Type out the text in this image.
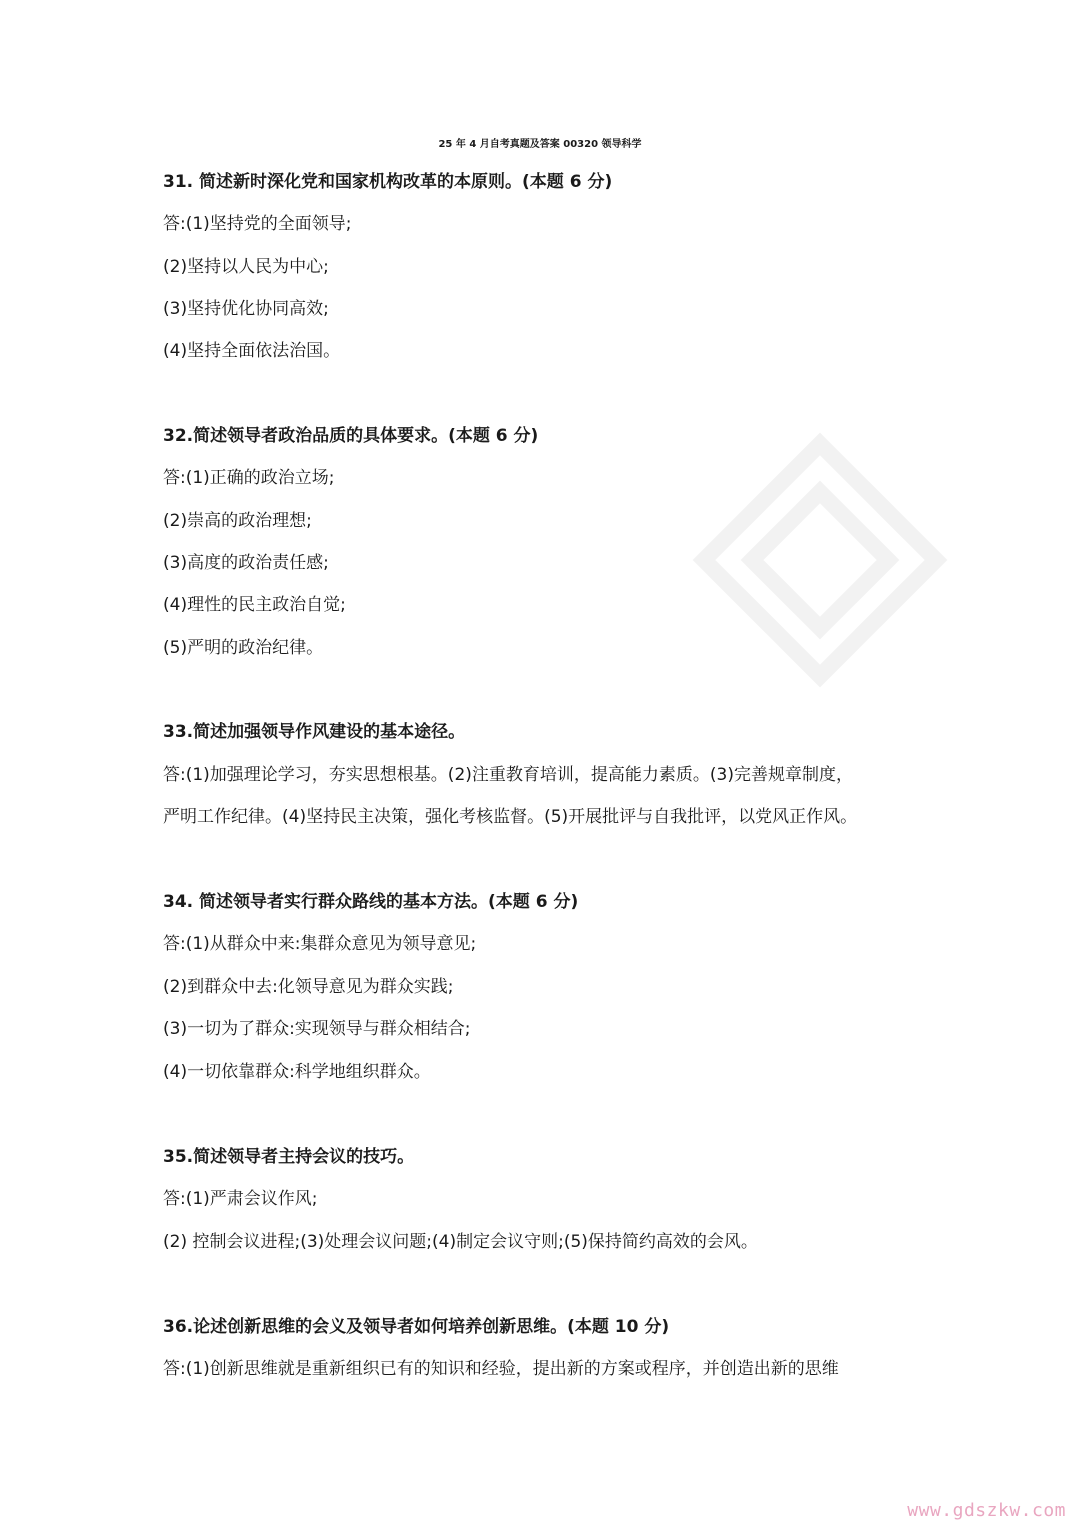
25 年 4 月自考真题及答案 00320 领导科学
31. 简述新时深化党和国家机构改革的本原则。(本题 6 分)
答:(1)坚持党的全面领导;
(2)坚持以人民为中心;
(3)坚持优化协同高效;
(4)坚持全面依法治国。
32.简述领导者政治品质的具体要求。(本题 6 分)
答:(1)正确的政治立场;
(2)崇高的政治理想;
(3)高度的政治责任感;
(4)理性的民主政治自觉;
(5)严明的政治纪律。
33.简述加强领导作风建设的基本途径。
答:(1)加强理论学习，夯实思想根基。(2)注重教育培训，提高能力素质。(3)完善规章制度，
严明工作纪律。(4)坚持民主决策，强化考核监督。(5)开展批评与自我批评，以党风正作风。
34. 简述领导者实行群众路线的基本方法。(本题 6 分)
答:(1)从群众中来:集群众意见为领导意见;
(2)到群众中去:化领导意见为群众实践;
(3)一切为了群众:实现领导与群众相结合;
(4)一切依靠群众:科学地组织群众。
35.简述领导者主持会议的技巧。
答:(1)严肃会议作风;
(2) 控制会议进程;(3)处理会议问题;(4)制定会议守则;(5)保持简约高效的会风。
36.论述创新思维的会义及领导者如何培养创新思维。(本题 10 分)
答:(1)创新思维就是重新组织已有的知识和经验，提出新的方案或程序，并创造出新的思维
www.gdszkw.com
